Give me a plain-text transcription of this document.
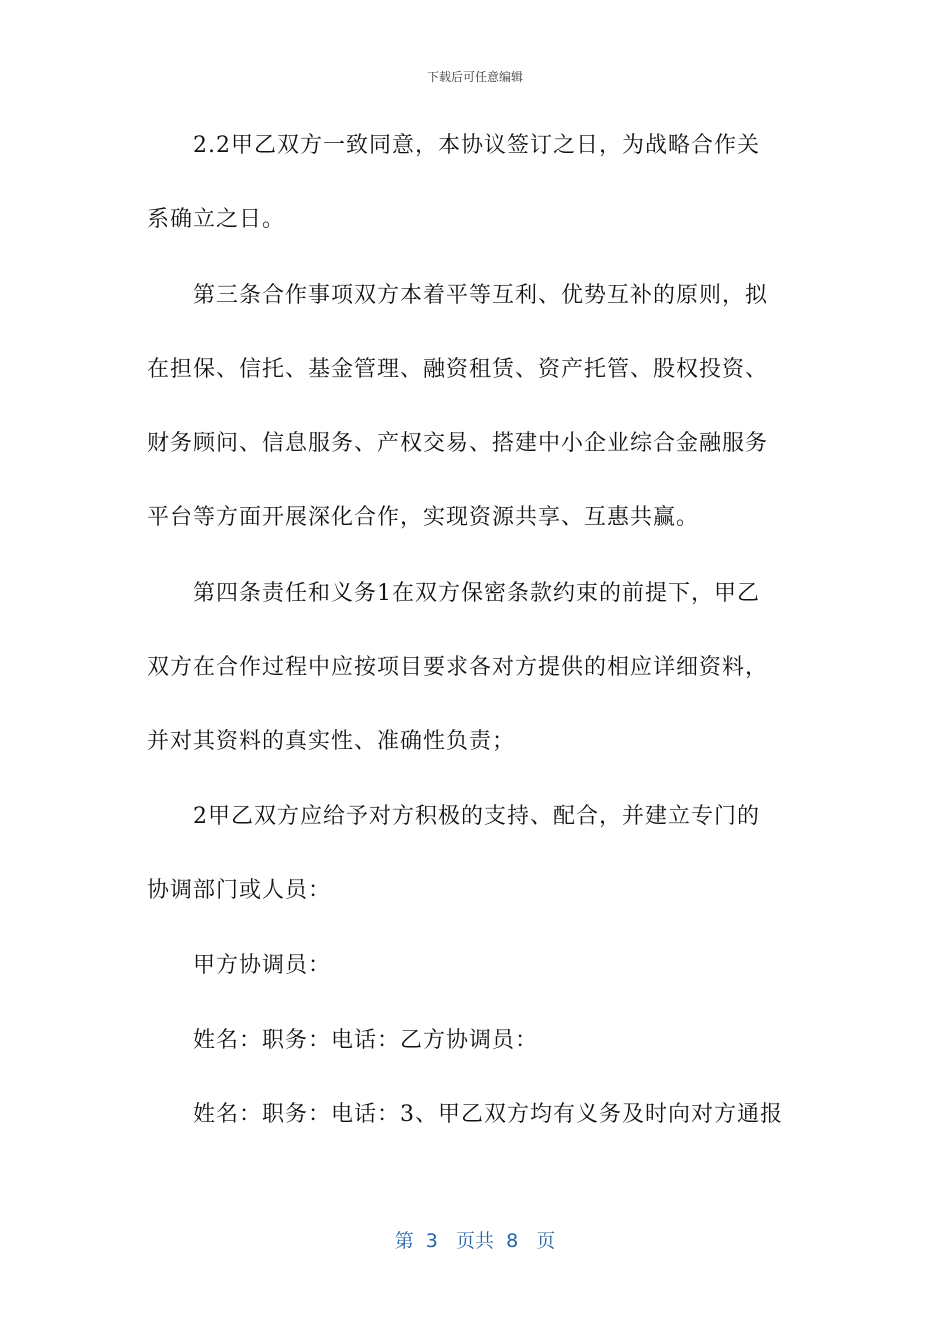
下载后可任意编辑
2.2甲乙双方一致同意，本协议签订之日，为战略合作关
系确立之日。
第三条合作事项双方本着平等互利、优势互补的原则，拟
在担保、信托、基金管理、融资租赁、资产托管、股权投资、
财务顾问、信息服务、产权交易、搭建中小企业综合金融服务
平台等方面开展深化合作，实现资源共享、互惠共赢。
第四条责任和义务1在双方保密条款约束的前提下，甲乙
双方在合作过程中应按项目要求各对方提供的相应详细资料，
并对其资料的真实性、准确性负责；
2甲乙双方应给予对方积极的支持、配合，并建立专门的
协调部门或人员：
甲方协调员：
姓名：职务：电话：乙方协调员：
姓名：职务：电话：3、甲乙双方均有义务及时向对方通报
第  3   页共  8   页
